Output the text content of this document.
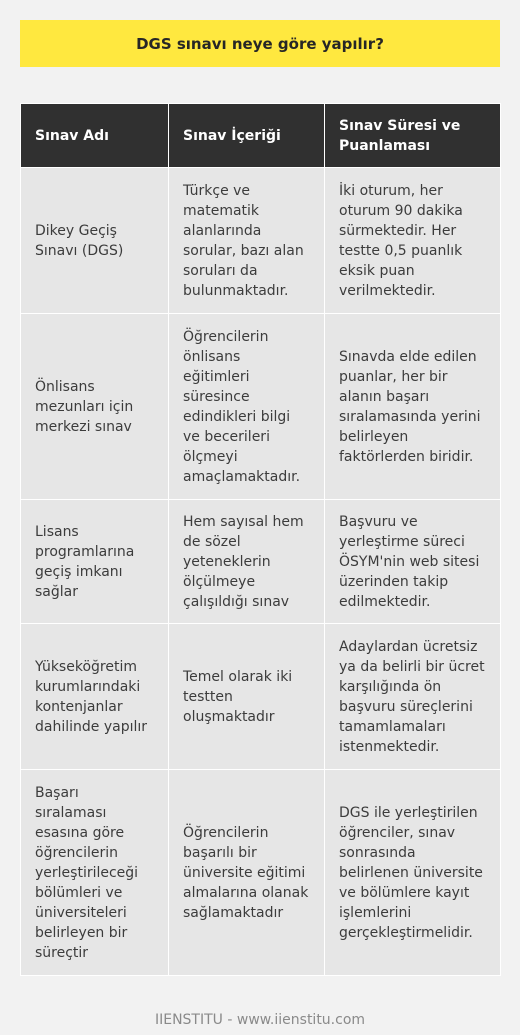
DGS sınavı neye göre yapılır?
Sınav Adı	Sınav İçeriği	Sınav Süresi ve Puanlaması
Dikey Geçiş Sınavı (DGS)	Türkçe ve matematik alanlarında sorular, bazı alan soruları da bulunmaktadır.	İki oturum, her oturum 90 dakika sürmektedir. Her testte 0,5 puanlık eksik puan verilmektedir.
Önlisans mezunları için merkezi sınav	Öğrencilerin önlisans eğitimleri süresince edindikleri bilgi ve becerileri ölçmeyi amaçlamaktadır.	Sınavda elde edilen puanlar, her bir alanın başarı sıralamasında yerini belirleyen faktörlerden biridir.
Lisans programlarına geçiş imkanı sağlar	Hem sayısal hem de sözel yeteneklerin ölçülmeye çalışıldığı sınav	Başvuru ve yerleştirme süreci ÖSYM'nin web sitesi üzerinden takip edilmektedir.
Yükseköğretim kurumlarındaki kontenjanlar dahilinde yapılır	Temel olarak iki testten oluşmaktadır	Adaylardan ücretsiz ya da belirli bir ücret karşılığında ön başvuru süreçlerini tamamlamaları istenmektedir.
Başarı sıralaması esasına göre öğrencilerin yerleştirileceği bölümleri ve üniversiteleri belirleyen bir süreçtir	Öğrencilerin başarılı bir üniversite eğitimi almalarına olanak sağlamaktadır	DGS ile yerleştirilen öğrenciler, sınav sonrasında belirlenen üniversite ve bölümlere kayıt işlemlerini gerçekleştirmelidir.
IIENSTITU - www.iienstitu.com
